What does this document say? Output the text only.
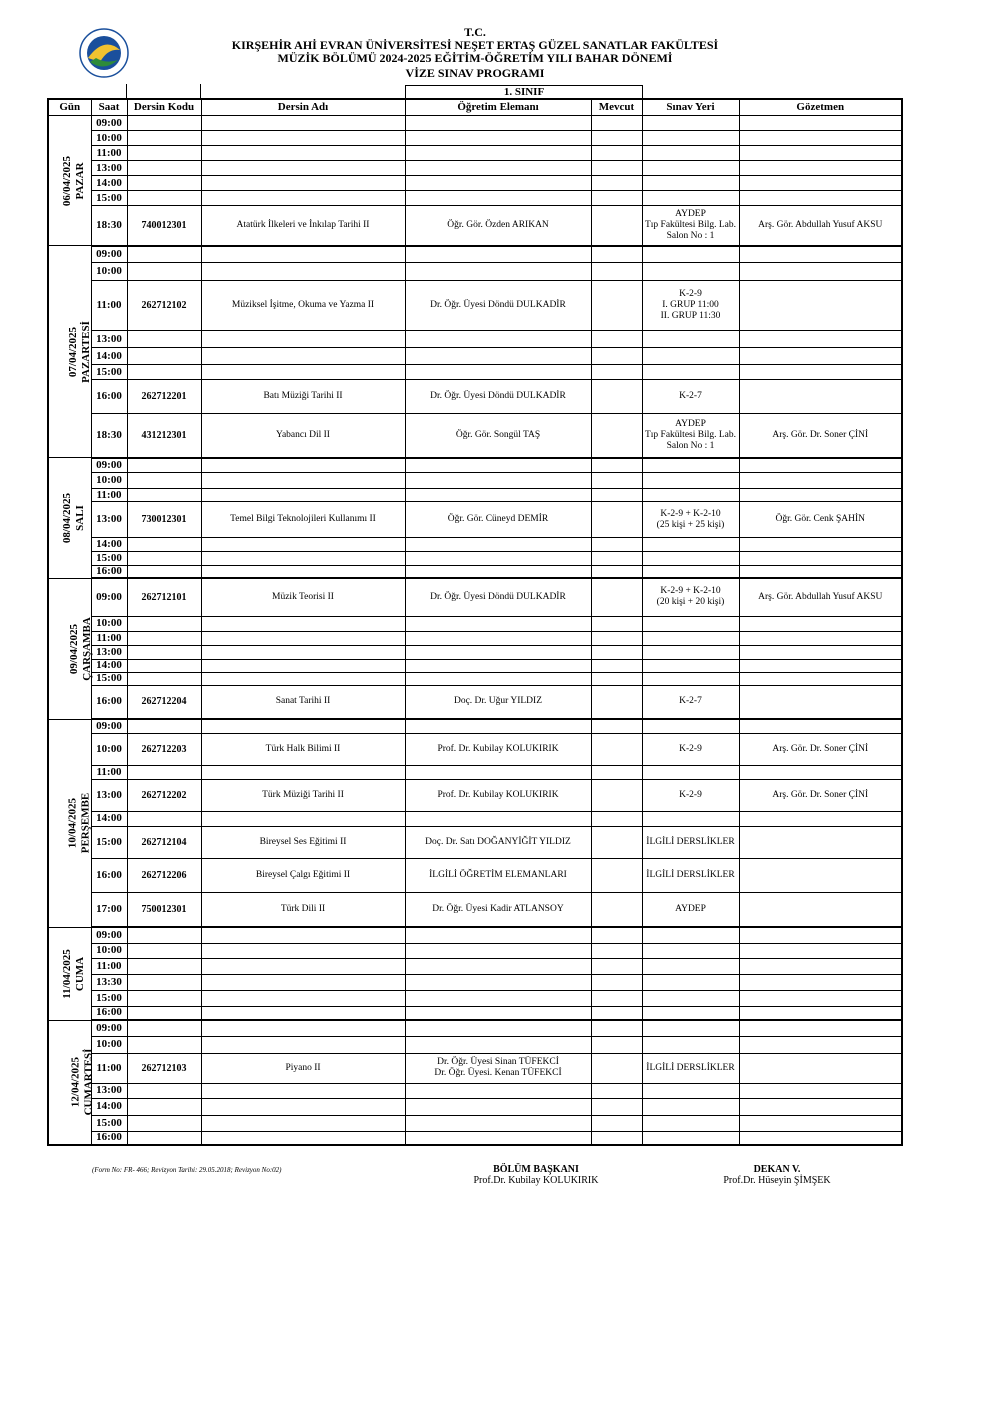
T.C.
KIRŞEHİR AHİ EVRAN ÜNİVERSİTESİ NEŞET ERTAŞ GÜZEL SANATLAR FAKÜLTESİ
MÜZİK BÖLÜMÜ 2024-2025 EĞİTİM-ÖĞRETİM YILI BAHAR DÖNEMİ
VİZE SINAV PROGRAMI
1. SINIF
Gün	Saat	Dersin Kodu	Dersin Adı	Öğretim Elemanı	Mevcut	Sınav Yeri	Gözetmen
06/04/2025
PAZAR	09:00						
	10:00						
	11:00						
	13:00						
	14:00						
	15:00						
	18:30	740012301	Atatürk İlkeleri ve İnkılap Tarihi II	Öğr. Gör. Özden ARIKAN		AYDEP
Tıp Fakültesi Bilg. Lab.
Salon No : 1	Arş. Gör. Abdullah Yusuf AKSU
07/04/2025
PAZARTESİ	09:00						
	10:00						
	11:00	262712102	Müziksel İşitme, Okuma ve Yazma II	Dr. Öğr. Üyesi Döndü DULKADİR		K-2-9
I. GRUP 11:00
II. GRUP 11:30	
	13:00						
	14:00						
	15:00						
	16:00	262712201	Batı Müziği Tarihi II	Dr. Öğr. Üyesi Döndü DULKADİR		K-2-7	
	18:30	431212301	Yabancı Dil II	Öğr. Gör. Songül TAŞ		AYDEP
Tıp Fakültesi Bilg. Lab.
Salon No : 1	Arş. Gör. Dr. Soner ÇİNİ
08/04/2025
SALI	09:00						
	10:00						
	11:00						
	13:00	730012301	Temel Bilgi Teknolojileri Kullanımı II	Öğr. Gör. Cüneyd DEMİR		K-2-9 + K-2-10
(25 kişi + 25 kişi)	Öğr. Gör. Cenk ŞAHİN
	14:00						
	15:00						
	16:00						
09/04/2025
ÇARŞAMBA	09:00	262712101	Müzik Teorisi II	Dr. Öğr. Üyesi Döndü DULKADİR		K-2-9 + K-2-10
(20 kişi + 20 kişi)	Arş. Gör. Abdullah Yusuf AKSU
	10:00						
	11:00						
	13:00						
	14:00						
	15:00						
	16:00	262712204	Sanat Tarihi II	Doç. Dr. Uğur YILDIZ		K-2-7	
10/04/2025
PERŞEMBE	09:00						
	10:00	262712203	Türk Halk Bilimi II	Prof. Dr. Kubilay KOLUKIRIK		K-2-9	Arş. Gör. Dr. Soner ÇİNİ
	11:00						
	13:00	262712202	Türk Müziği Tarihi II	Prof. Dr. Kubilay KOLUKIRIK		K-2-9	Arş. Gör. Dr. Soner ÇİNİ
	14:00						
	15:00	262712104	Bireysel Ses Eğitimi II	Doç. Dr. Satı DOĞANYİĞİT YILDIZ		İLGİLİ DERSLİKLER	
	16:00	262712206	Bireysel Çalgı Eğitimi II	İLGİLİ ÖĞRETİM ELEMANLARI		İLGİLİ DERSLİKLER	
	17:00	750012301	Türk Dili II	Dr. Öğr. Üyesi Kadir ATLANSOY		AYDEP	
11/04/2025
CUMA	09:00						
	10:00						
	11:00						
	13:30						
	15:00						
	16:00						
12/04/2025
CUMARTESİ	09:00						
	10:00						
	11:00	262712103	Piyano II	Dr. Öğr. Üyesi Sinan TÜFEKCİ
Dr. Öğr. Üyesi. Kenan TÜFEKCİ		İLGİLİ DERSLİKLER	
	13:00						
	14:00						
	15:00						
	16:00						
(Form No: FR- 466; Revizyon Tarihi: 29.05.2018; Revizyon No:02)	BÖLÜM BAŞKANI
Prof.Dr. Kubilay KOLUKIRIK
DEKAN V.
Prof.Dr. Hüseyin ŞİMŞEK
